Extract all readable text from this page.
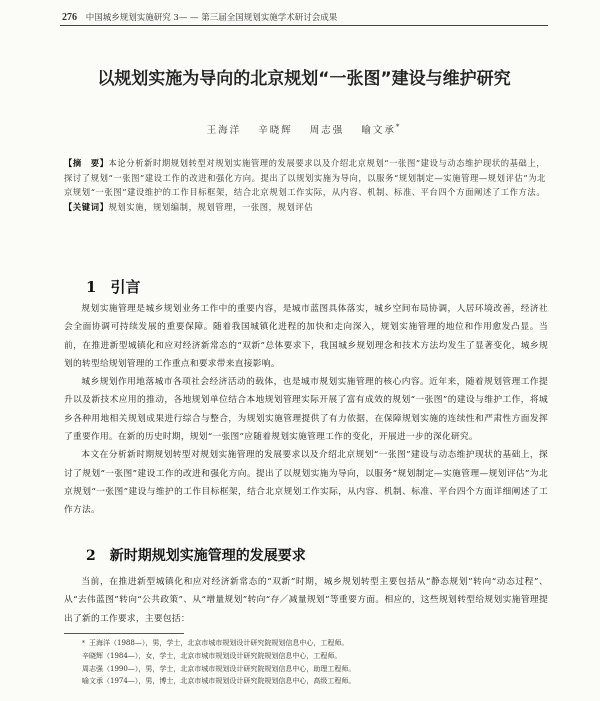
276 中国城乡规划实施研究 3— — 第三届全国规划实施学术研讨会成果
以规划实施为导向的北京规划“一张图”建设与维护研究
王海洋 辛晓辉 周志强 喻文承*

【摘　要】本论分析新时期规划转型对规划实施管理的发展要求以及介绍北京规划“一张图”建设与动态维护现状的基础上，探讨了规划“一张图”建设工作的改进和强化方向。提出了以规划实施为导向，以服务“规划制定—实施管理—规划评估”为北京规划“一张图”建设维护的工作目标框架，结合北京规划工作实际，从内容、机制、标准、平台四个方面阐述了工作方法。

【关键词】规划实施，规划编制，规划管理，一张图，规划评估

1 引言

规划实施管理是城乡规划业务工作中的重要内容，是城市蓝图具体落实，城乡空间布局协调，人居环境改善，经济社会全面协调可持续发展的重要保障。随着我国城镇化进程的加快和走向深入，规划实施管理的地位和作用愈发凸显。当前，在推进新型城镇化和应对经济新常态的“双新”总体要求下，我国城乡规划理念和技术方法均发生了显著变化，城乡规划的转型给规划管理的工作重点和要求带来直接影响。

城乡规划作用地落城市各项社会经济活动的载体，也是城市规划实施管理的核心内容。近年来，随着规划管理工作提升以及新技术应用的推动，各地规划单位结合本地规划管理实际开展了富有成效的规划“一张图”的建设与维护工作，将城乡各种用地相关规划成果进行综合与整合，为规划实施管理提供了有力依据，在保障规划实施的连续性和严肃性方面发挥了重要作用。在新的历史时期，规划“一张图”应随着规划实施管理工作的变化，开展进一步的深化研究。

本文在分析新时期规划转型对规划实施管理的发展要求以及介绍北京规划“一张图”建设与动态维护现状的基础上，探讨了规划“一张图”建设工作的改进和强化方向。提出了以规划实施为导向，以服务“规划制定—实施管理—规划评估”为北京规划“一张图”建设与维护的工作目标框架，结合北京规划工作实际，从内容、机制、标准、平台四个方面详细阐述了工作方法。

2 新时期规划实施管理的发展要求

当前，在推进新型城镇化和应对经济新常态的“双新”时期，城乡规划转型主要包括从“静态规划”转向“动态过程”、从“去伟蓝图”转向“公共政策”、从“增量规划”转向“存／减量规划”等重要方面。相应的，这些规划转型给规划实施管理提出了新的工作要求，主要包括：

* 王海洋（1988—），男，学士，北京市城市规划设计研究院规划信息中心，工程师。
辛晓辉（1984—），女，学士，北京市城市规划设计研究院规划信息中心，工程师。
周志强（1990—），男，学士，北京市城市规划设计研究院规划信息中心，助理工程师。
喻文承（1974—），男，博士，北京市城市规划设计研究院规划信息中心，高级工程师。
